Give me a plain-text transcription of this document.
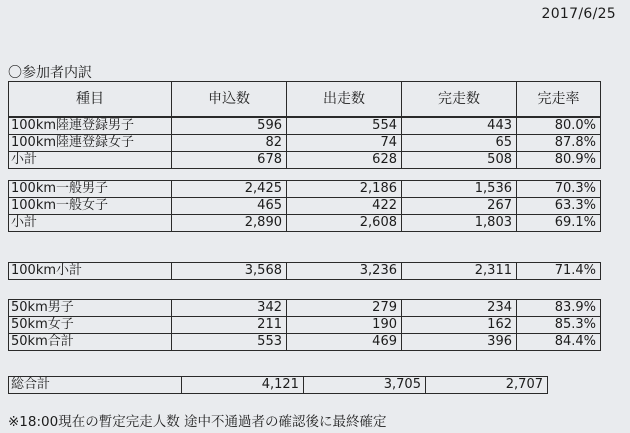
2017/6/25
〇参加者内訳
種目	申込数	出走数	完走数	完走率
100km陸連登録男子	596	554	443	80.0%
100km陸連登録女子	82	74	65	87.8%
小計	678	628	508	80.9%
100km一般男子	2,425	2,186	1,536	70.3%
100km一般女子	465	422	267	63.3%
小計	2,890	2,608	1,803	69.1%
100km小計	3,568	3,236	2,311	71.4%
50km男子	342	279	234	83.9%
50km女子	211	190	162	85.3%
50km合計	553	469	396	84.4%
総合計	4,121	3,705	2,707
※18:00現在の暫定完走人数 途中不通過者の確認後に最終確定
